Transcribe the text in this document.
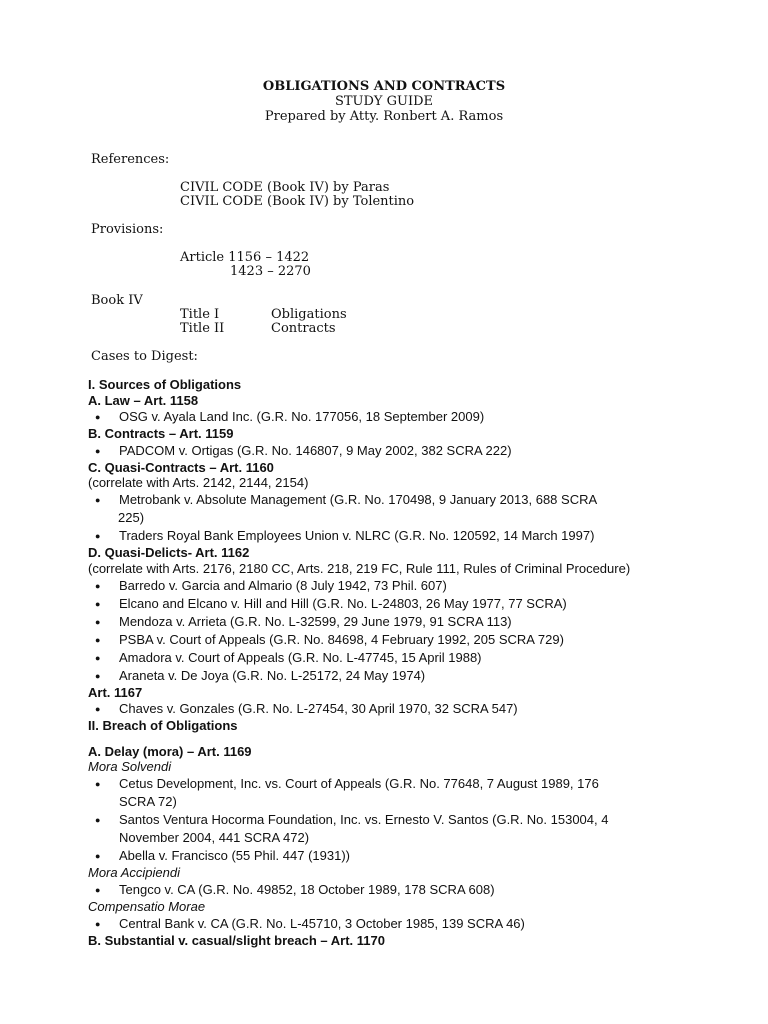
OBLIGATIONS AND CONTRACTS
STUDY GUIDE
Prepared by Atty. Ronbert A. Ramos
References:
CIVIL CODE (Book IV) by Paras
CIVIL CODE (Book IV) by Tolentino
Provisions:
Article 1156 – 1422
1423 – 2270
Book IV
Title I	Obligations
Title II	Contracts
Cases to Digest:
I. Sources of Obligations
A. Law – Art. 1158
● OSG v. Ayala Land Inc. (G.R. No. 177056, 18 September 2009)
B. Contracts – Art. 1159
● PADCOM v. Ortigas (G.R. No. 146807, 9 May 2002, 382 SCRA 222)
C. Quasi-Contracts – Art. 1160
(correlate with Arts. 2142, 2144, 2154)
● Metrobank v. Absolute Management (G.R. No. 170498, 9 January 2013, 688 SCRA
225)
● Traders Royal Bank Employees Union v. NLRC (G.R. No. 120592, 14 March 1997)
D. Quasi-Delicts- Art. 1162
(correlate with Arts. 2176, 2180 CC, Arts. 218, 219 FC, Rule 111, Rules of Criminal Procedure)
● Barredo v. Garcia and Almario (8 July 1942, 73 Phil. 607)
● Elcano and Elcano v. Hill and Hill (G.R. No. L-24803, 26 May 1977, 77 SCRA)
● Mendoza v. Arrieta (G.R. No. L-32599, 29 June 1979, 91 SCRA 113)
● PSBA v. Court of Appeals (G.R. No. 84698, 4 February 1992, 205 SCRA 729)
● Amadora v. Court of Appeals (G.R. No. L-47745, 15 April 1988)
● Araneta v. De Joya (G.R. No. L-25172, 24 May 1974)
Art. 1167
● Chaves v. Gonzales (G.R. No. L-27454, 30 April 1970, 32 SCRA 547)
II. Breach of Obligations
A. Delay (mora) – Art. 1169
Mora Solvendi
● Cetus Development, Inc. vs. Court of Appeals (G.R. No. 77648, 7 August 1989, 176
SCRA 72)
● Santos Ventura Hocorma Foundation, Inc. vs. Ernesto V. Santos (G.R. No. 153004, 4
November 2004, 441 SCRA 472)
● Abella v. Francisco (55 Phil. 447 (1931))
Mora Accipiendi
● Tengco v. CA (G.R. No. 49852, 18 October 1989, 178 SCRA 608)
Compensatio Morae
● Central Bank v. CA (G.R. No. L-45710, 3 October 1985, 139 SCRA 46)
B. Substantial v. casual/slight breach – Art. 1170
